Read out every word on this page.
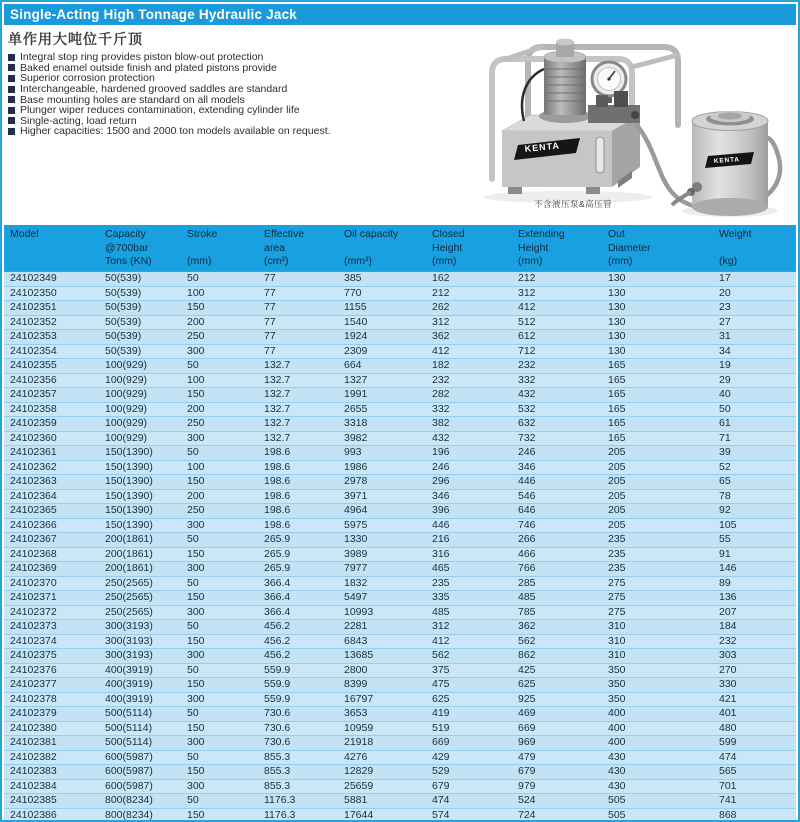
Single-Acting High Tonnage Hydraulic Jack
单作用大吨位千斤顶
Integral stop ring provides piston blow-out protection
Baked enamel outside finish and plated pistons provide
Superior corrosion protection
Interchangeable, hardened grooved saddles are standard
Base mounting holes are standard on all models
Plunger wiper reduces contamination, extending cylinder life
Single-acting, load return
Higher capacities: 1500 and 2000 ton models available on request.
KENTA
KENTA
不含液压泵&高压管
Model	Capacity
@700bar
Tons (KN)
Stroke
(mm)
Effective
area
(cm²)
Oil capacity
(mm³)
Closed
Height
(mm)
Extending
Height
(mm)
Out
Diameter
(mm)
Weight
(kg)
24102349	50(539)	50	77	385	162	212	130	17
24102350	50(539)	100	77	770	212	312	130	20
24102351	50(539)	150	77	1155	262	412	130	23
24102352	50(539)	200	77	1540	312	512	130	27
24102353	50(539)	250	77	1924	362	612	130	31
24102354	50(539)	300	77	2309	412	712	130	34
24102355	100(929)	50	132.7	664	182	232	165	19
24102356	100(929)	100	132.7	1327	232	332	165	29
24102357	100(929)	150	132.7	1991	282	432	165	40
24102358	100(929)	200	132.7	2655	332	532	165	50
24102359	100(929)	250	132.7	3318	382	632	165	61
24102360	100(929)	300	132.7	3982	432	732	165	71
24102361	150(1390)	50	198.6	993	196	246	205	39
24102362	150(1390)	100	198.6	1986	246	346	205	52
24102363	150(1390)	150	198.6	2978	296	446	205	65
24102364	150(1390)	200	198.6	3971	346	546	205	78
24102365	150(1390)	250	198.6	4964	396	646	205	92
24102366	150(1390)	300	198.6	5975	446	746	205	105
24102367	200(1861)	50	265.9	1330	216	266	235	55
24102368	200(1861)	150	265.9	3989	316	466	235	91
24102369	200(1861)	300	265.9	7977	465	766	235	146
24102370	250(2565)	50	366.4	1832	235	285	275	89
24102371	250(2565)	150	366.4	5497	335	485	275	136
24102372	250(2565)	300	366.4	10993	485	785	275	207
24102373	300(3193)	50	456.2	2281	312	362	310	184
24102374	300(3193)	150	456.2	6843	412	562	310	232
24102375	300(3193)	300	456.2	13685	562	862	310	303
24102376	400(3919)	50	559.9	2800	375	425	350	270
24102377	400(3919)	150	559.9	8399	475	625	350	330
24102378	400(3919)	300	559.9	16797	625	925	350	421
24102379	500(5114)	50	730.6	3653	419	469	400	401
24102380	500(5114)	150	730.6	10959	519	669	400	480
24102381	500(5114)	300	730.6	21918	669	969	400	599
24102382	600(5987)	50	855.3	4276	429	479	430	474
24102383	600(5987)	150	855.3	12829	529	679	430	565
24102384	600(5987)	300	855.3	25659	679	979	430	701
24102385	800(8234)	50	1176.3	5881	474	524	505	741
24102386	800(8234)	150	1176.3	17644	574	724	505	868
